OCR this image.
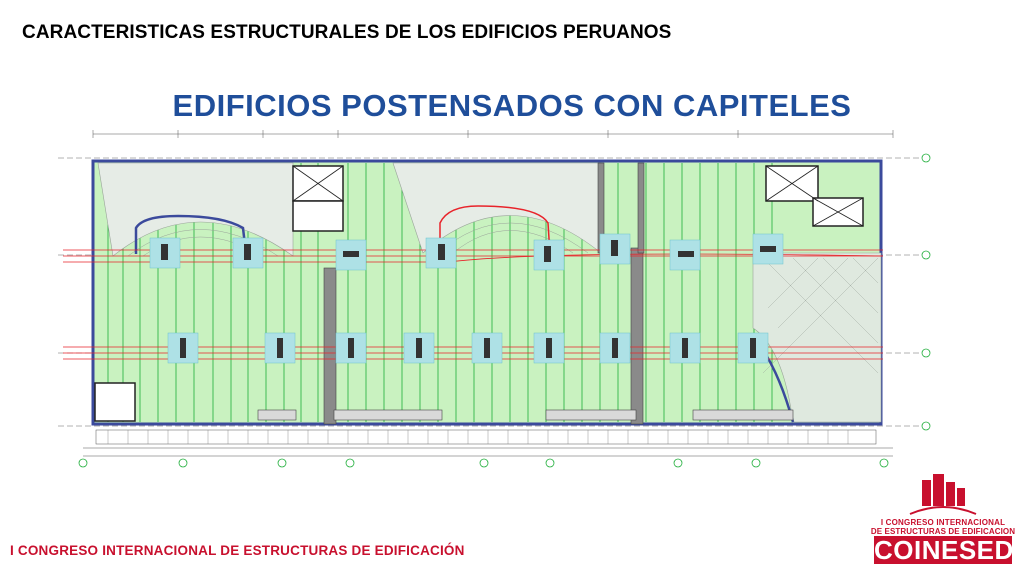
CARACTERISTICAS ESTRUCTURALES DE LOS EDIFICIOS PERUANOS
EDIFICIOS POSTENSADOS CON CAPITELES
I CONGRESO INTERNACIONAL DE ESTRUCTURAS DE EDIFICACIÓN
I CONGRESO INTERNACIONAL
DE ESTRUCTURAS DE EDIFICACION
COINESED
